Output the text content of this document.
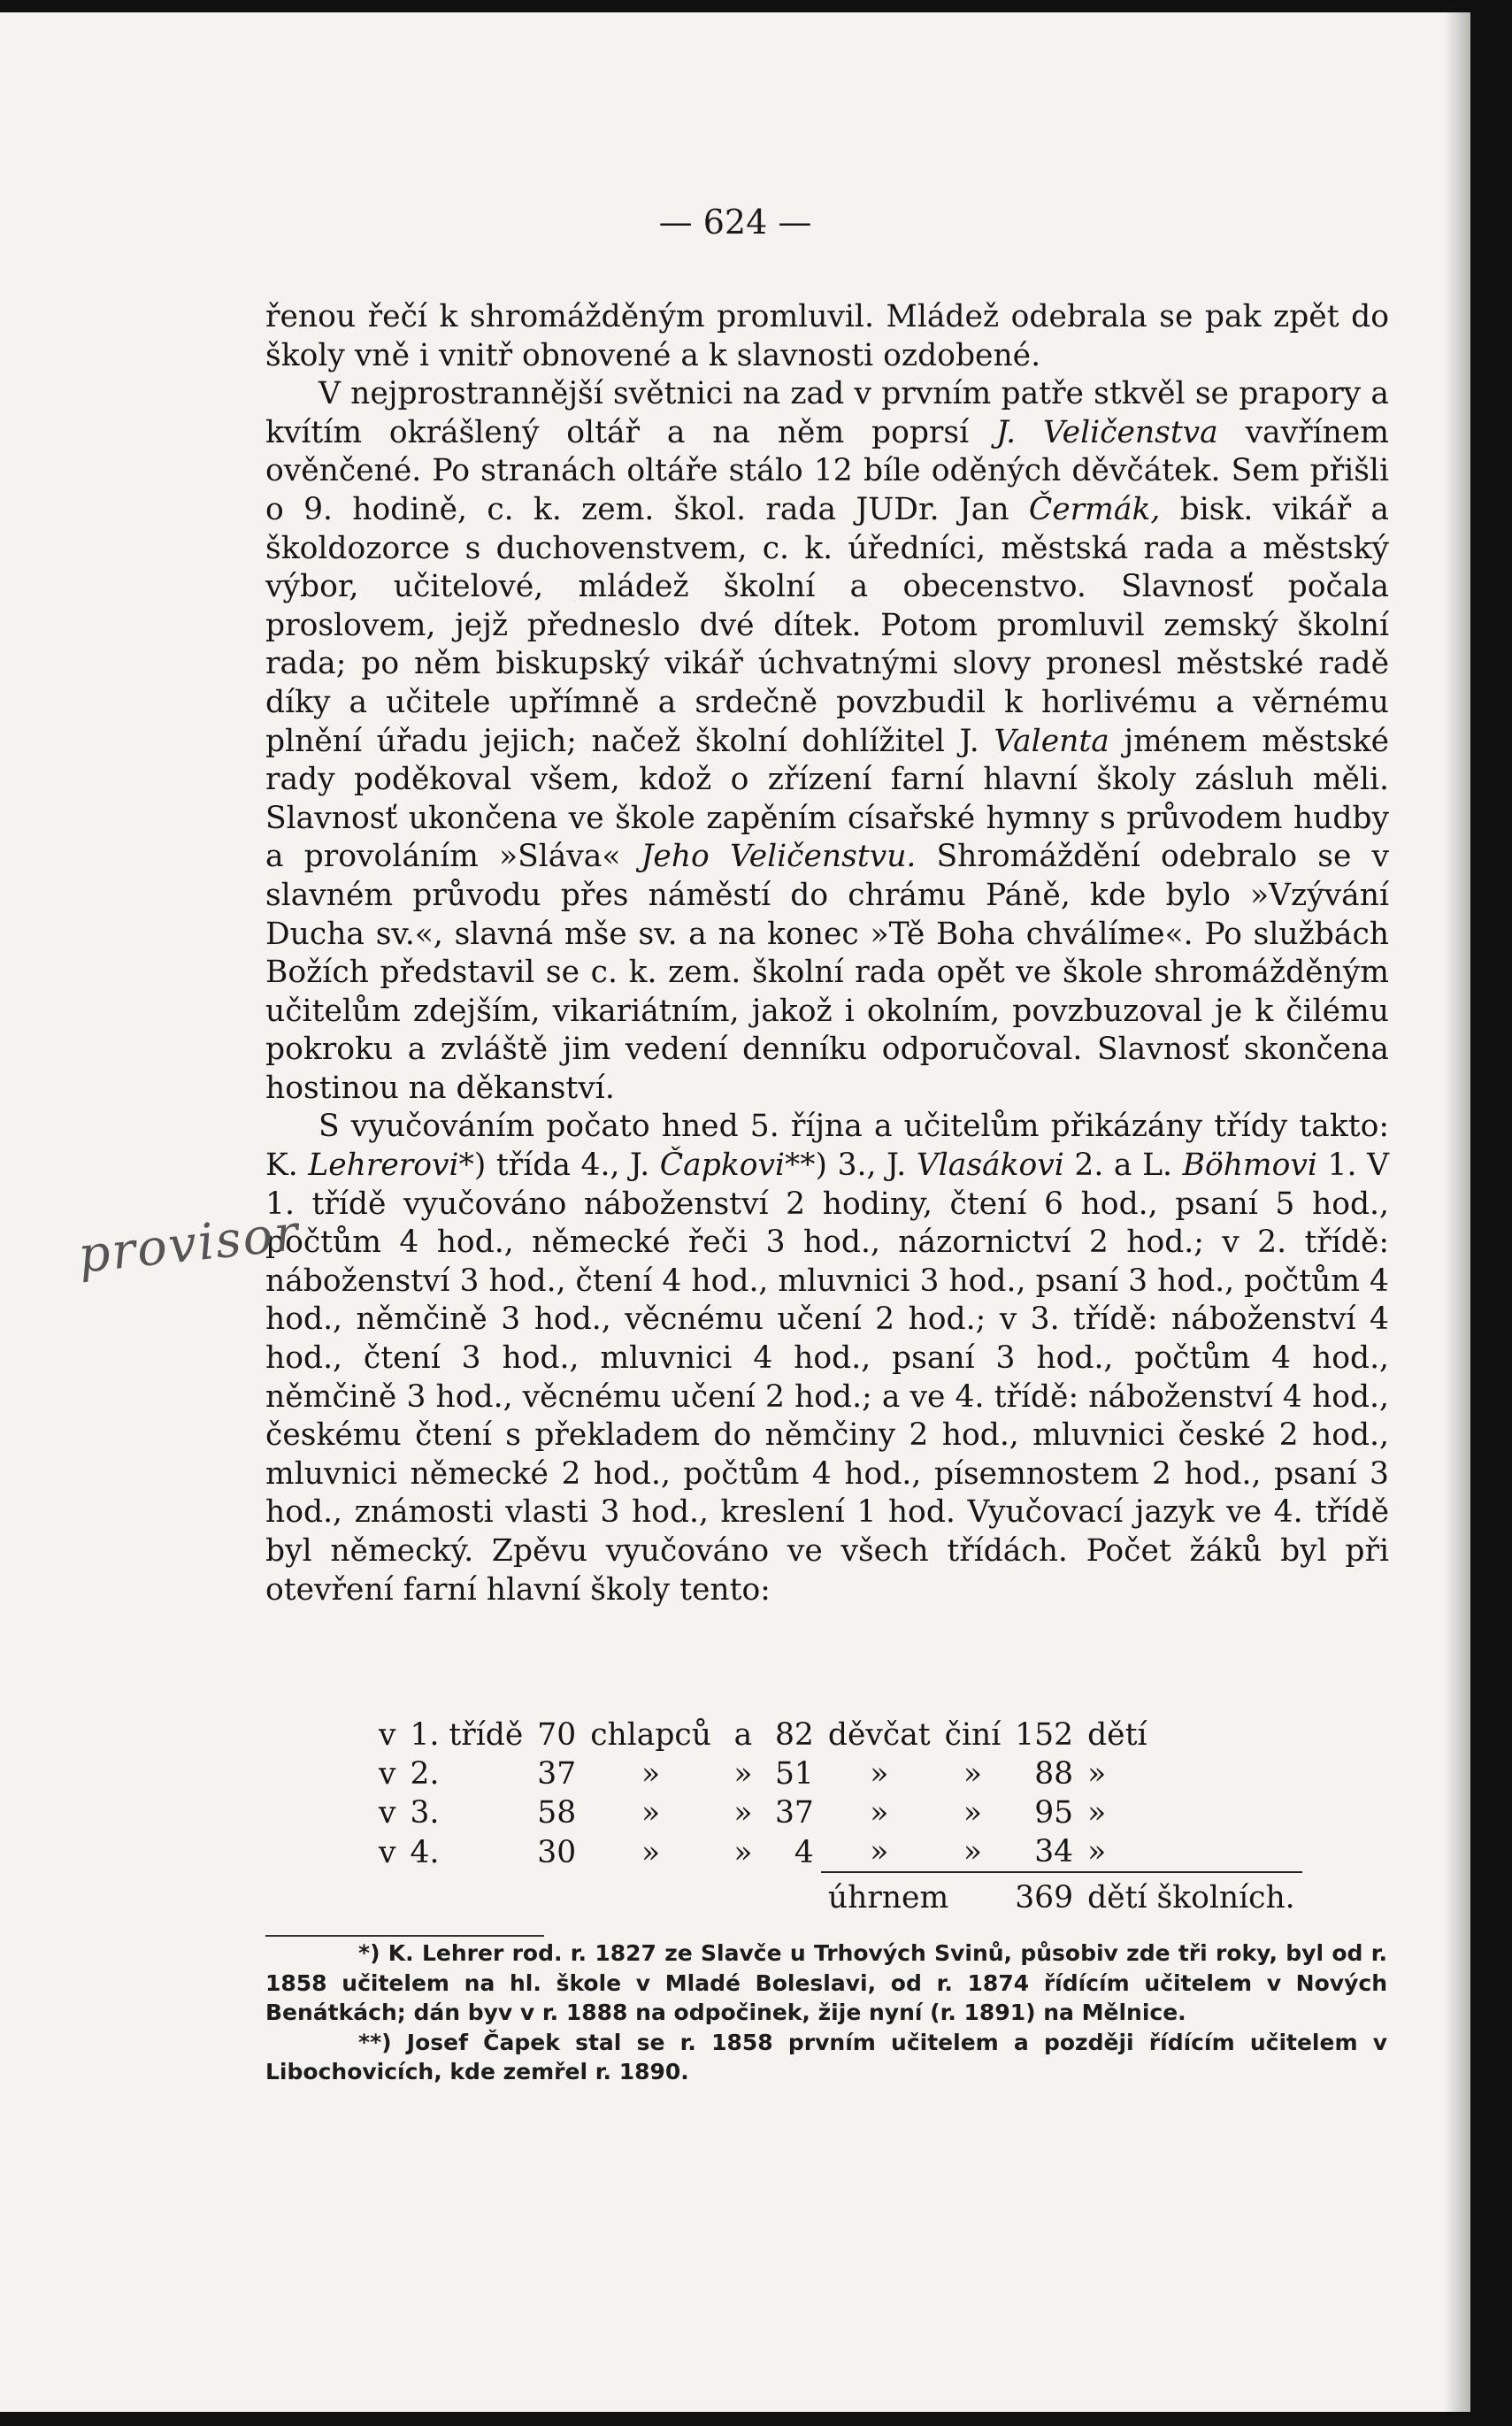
— 624 —

řenou řečí k shromážděným promluvil. Mládež odebrala se pak zpět do školy vně i vnitř obnovené a k slavnosti ozdobené.

V nejprostrannější světnici na zad v prvním patře stkvěl se prapory a kvítím okrášlený oltář a na něm poprsí J. Veličenstva vavřínem ověnčené. Po stranách oltáře stálo 12 bíle oděných děvčátek. Sem přišli o 9. hodině, c. k. zem. škol. rada JUDr. Jan Čermák, bisk. vikář a školdozorce s duchovenstvem, c. k. úředníci, městská rada a městský výbor, učitelové, mládež školní a obecenstvo. Slavnosť počala proslovem, jejž předneslo dvé dítek. Potom promluvil zemský školní rada; po něm biskupský vikář úchvatnými slovy pronesl městské radě díky a učitele upřímně a srdečně povzbudil k horlivému a věrnému plnění úřadu jejich; načež školní dohlížitel J. Valenta jménem městské rady poděkoval všem, kdož o zřízení farní hlavní školy zásluh měli. Slavnosť ukončena ve škole zapěním císařské hymny s průvodem hudby a provoláním »Sláva« Jeho Veličenstvu. Shromáždění odebralo se v slavném průvodu přes náměstí do chrámu Páně, kde bylo »Vzývání Ducha sv.«, slavná mše sv. a na konec »Tě Boha chválíme«. Po službách Božích představil se c. k. zem. školní rada opět ve škole shromážděným učitelům zdejším, vikariátním, jakož i okolním, povzbuzoval je k čilému pokroku a zvláště jim vedení denníku odporučoval. Slavnosť skončena hostinou na děkanství.

S vyučováním počato hned 5. října a učitelům přikázány třídy takto: K. Lehrerovi*) třída 4., J. Čapkovi**) 3., J. Vlasákovi 2. a L. Böhmovi 1. V 1. třídě vyučováno náboženství 2 hodiny, čtení 6 hod., psaní 5 hod., počtům 4 hod., německé řeči 3 hod., názornictví 2 hod.; v 2. třídě: náboženství 3 hod., čtení 4 hod., mluvnici 3 hod., psaní 3 hod., počtům 4 hod., němčině 3 hod., věcnému učení 2 hod.; v 3. třídě: náboženství 4 hod., čtení 3 hod., mluvnici 4 hod., psaní 3 hod., počtům 4 hod., němčině 3 hod., věcnému učení 2 hod.; a ve 4. třídě: náboženství 4 hod., českému čtení s překladem do němčiny 2 hod., mluvnici české 2 hod., mluvnici německé 2 hod., počtům 4 hod., písemnostem 2 hod., psaní 3 hod., známosti vlasti 3 hod., kreslení 1 hod. Vyučovací jazyk ve 4. třídě byl německý. Zpěvu vyučováno ve všech třídách. Počet žáků byl při otevření farní hlavní školy tento:

provisor
v	1. třídě	70	chlapců	a	82	děvčat	činí	152	dětí
v	2.	37	»	»	51	»	»	88	»
v	3.	58	»	»	37	»	»	95	»
v	4.	30	»	»	4	»	»	34	»
						úhrnem		369	dětí školních.

*) K. Lehrer rod. r. 1827 ze Slavče u Trhových Svinů, působiv zde tři roky, byl od r. 1858 učitelem na hl. škole v Mladé Boleslavi, od r. 1874 řídícím učitelem v Nových Benátkách; dán byv v r. 1888 na odpočinek, žije nyní (r. 1891) na Mělnice.

**) Josef Čapek stal se r. 1858 prvním učitelem a později řídícím učitelem v Libochovicích, kde zemřel r. 1890.
